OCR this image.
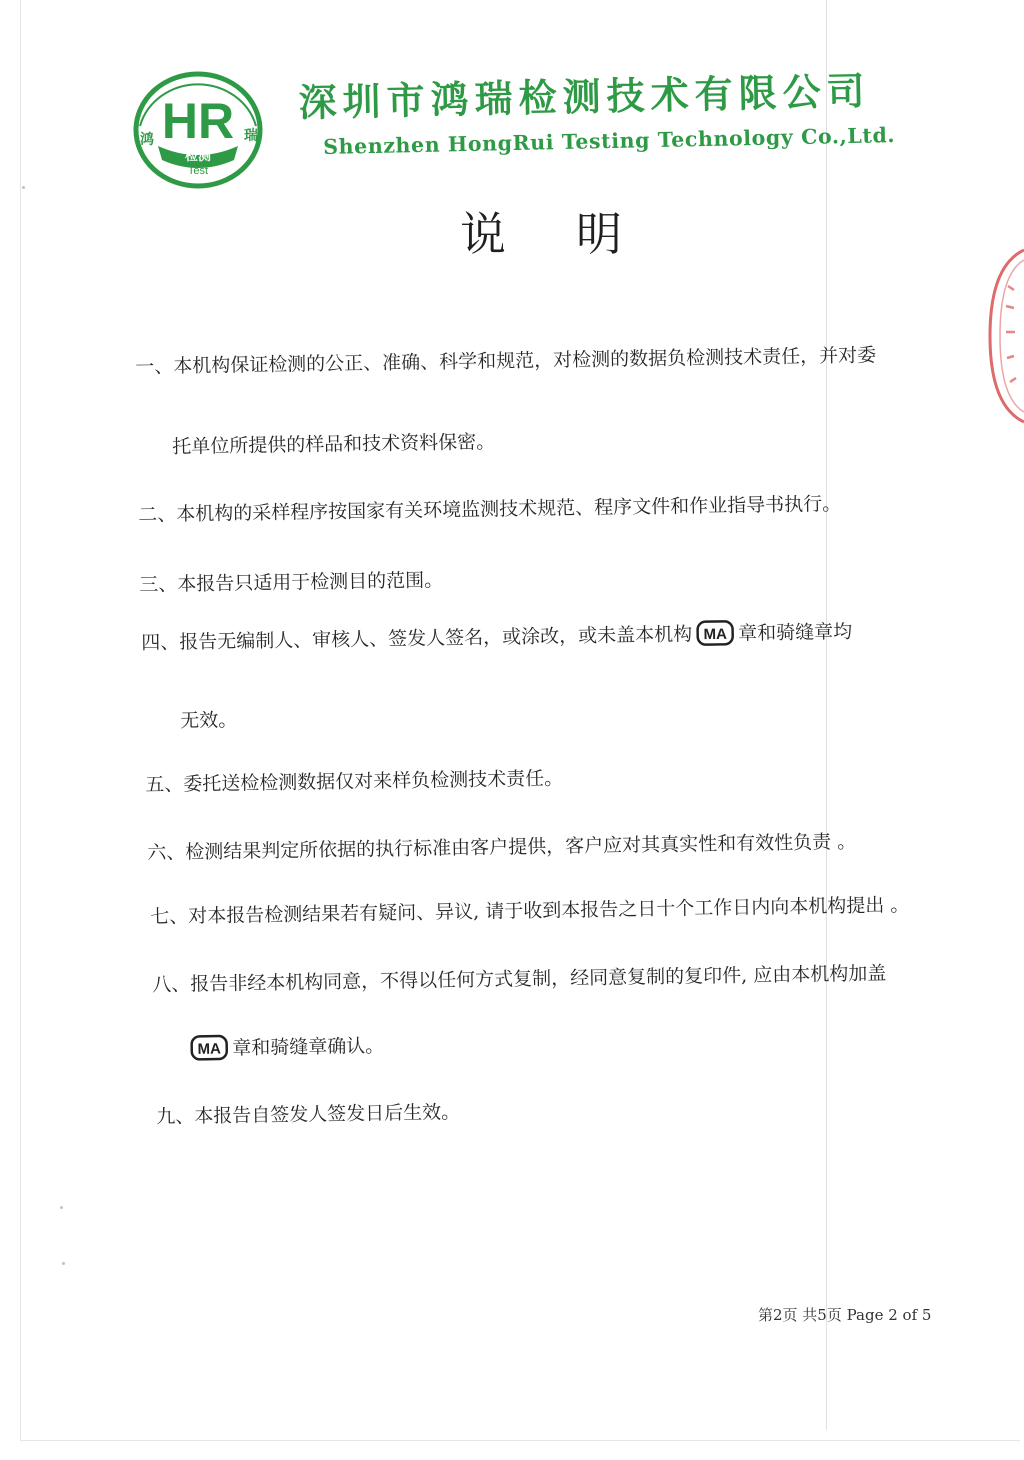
HR
鸿	瑞
检测
Test
深圳市鸿瑞检测技术有限公司
Shenzhen HongRui Testing Technology Co.,Ltd.
说明
一、本机构保证检测的公正、准确、科学和规范，对检测的数据负检测技术责任，并对委
托单位所提供的样品和技术资料保密。
二、本机构的采样程序按国家有关环境监测技术规范、程序文件和作业指导书执行。
三、本报告只适用于检测目的范围。
四、报告无编制人、审核人、签发人签名，或涂改，或未盖本机构 MA 章和骑缝章均
无效。
五、委托送检检测数据仅对来样负检测技术责任。
六、检测结果判定所依据的执行标准由客户提供，客户应对其真实性和有效性负责 。
七、对本报告检测结果若有疑问、异议, 请于收到本报告之日十个工作日内向本机构提出 。
八、报告非经本机构同意，不得以任何方式复制，经同意复制的复印件, 应由本机构加盖
MA 章和骑缝章确认。
九、本报告自签发人签发日后生效。
第2页 共5页 Page 2 of 5
